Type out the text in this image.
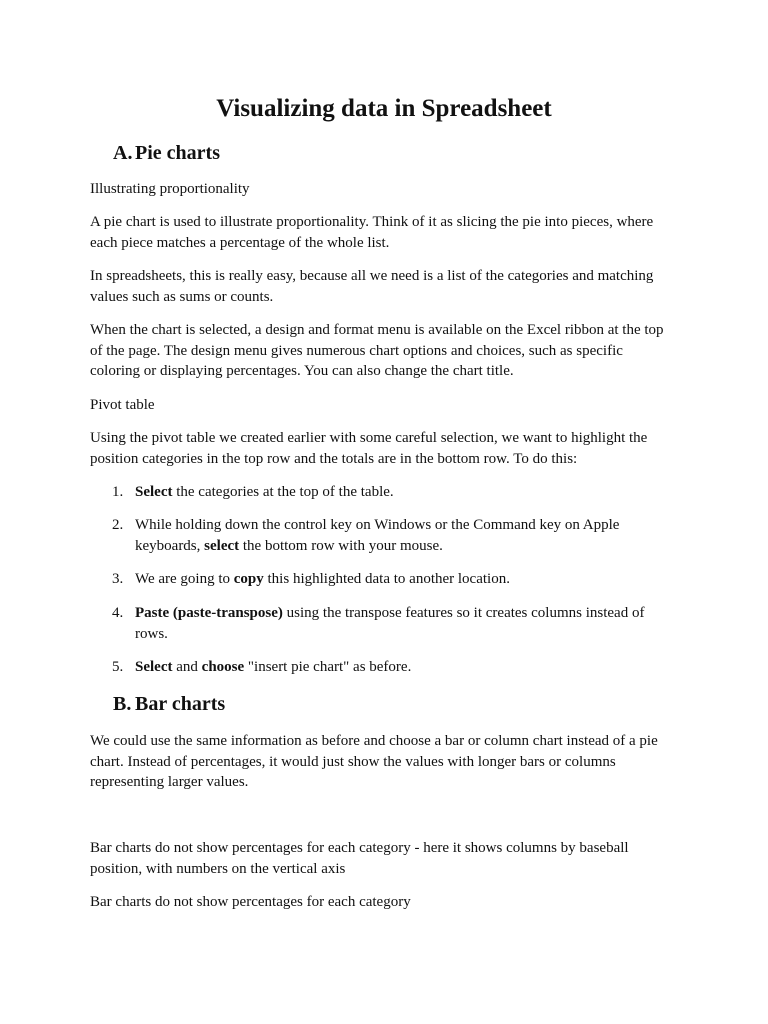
Visualizing data in Spreadsheet
A. Pie charts

Illustrating proportionality

A pie chart is used to illustrate proportionality. Think of it as slicing the pie into pieces, where each piece matches a percentage of the whole list.

In spreadsheets, this is really easy, because all we need is a list of the categories and matching values such as sums or counts.

When the chart is selected, a design and format menu is available on the Excel ribbon at the top of the page. The design menu gives numerous chart options and choices, such as specific coloring or displaying percentages. You can also change the chart title.

Pivot table

Using the pivot table we created earlier with some careful selection, we want to highlight the position categories in the top row and the totals are in the bottom row. To do this:

1. Select the categories at the top of the table.
2. While holding down the control key on Windows or the Command key on Apple keyboards, select the bottom row with your mouse.
3. We are going to copy this highlighted data to another location.
4. Paste (paste-transpose) using the transpose features so it creates columns instead of rows.
5. Select and choose "insert pie chart" as before.
B. Bar charts

We could use the same information as before and choose a bar or column chart instead of a pie chart. Instead of percentages, it would just show the values with longer bars or columns representing larger values.

Bar charts do not show percentages for each category - here it shows columns by baseball position, with numbers on the vertical axis

Bar charts do not show percentages for each category
